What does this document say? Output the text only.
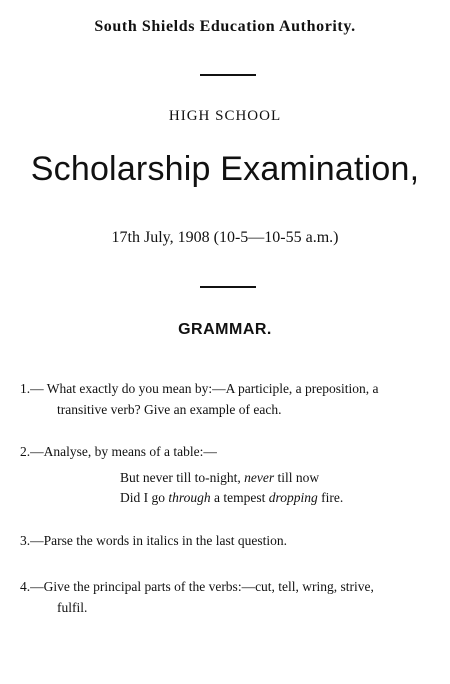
South Shields Education Authority.
HIGH SCHOOL
Scholarship Examination,
17th July, 1908 (10-5—10-55 a.m.)
GRAMMAR.
1.— What exactly do you mean by:—A participle, a preposition, a
transitive verb? Give an example of each.
2.—Analyse, by means of a table:—
But never till to-night, never till now
Did I go through a tempest dropping fire.
3.—Parse the words in italics in the last question.
4.—Give the principal parts of the verbs:—cut, tell, wring, strive,
fulfil.
